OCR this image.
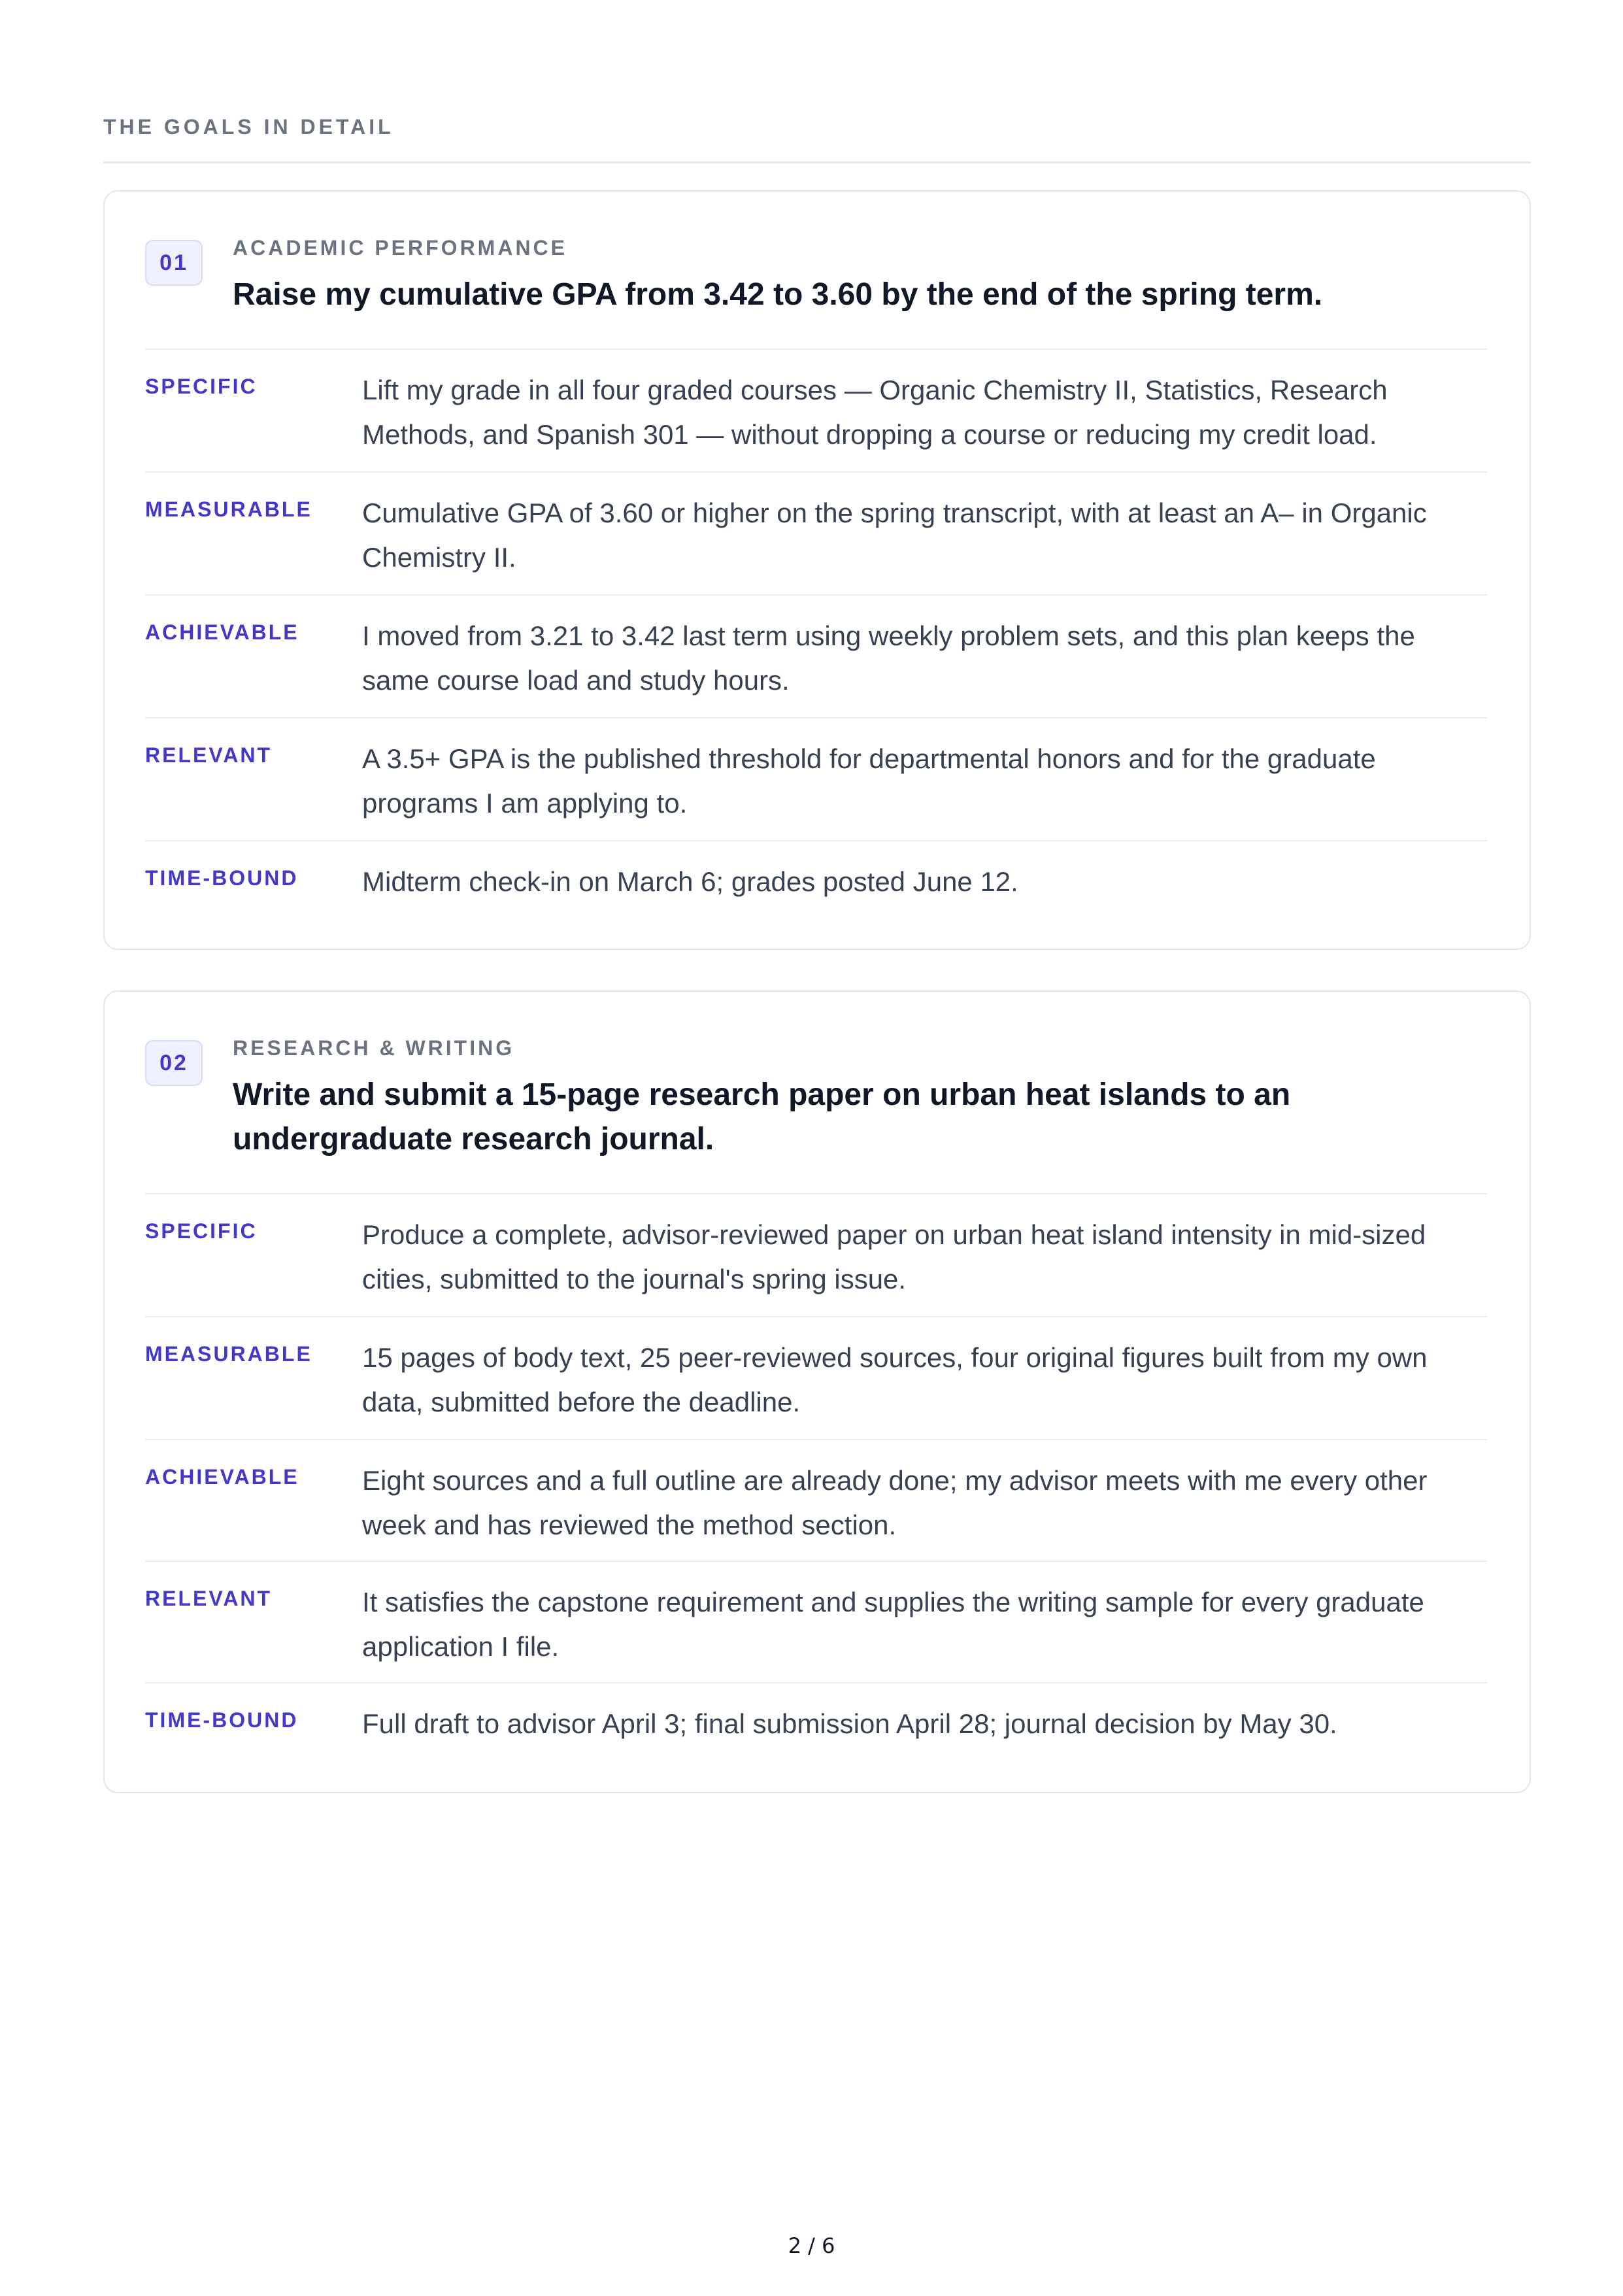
THE GOALS IN DETAIL
01
ACADEMIC PERFORMANCE
Raise my cumulative GPA from 3.42 to 3.60 by the end of the spring term.
SPECIFIC	Lift my grade in all four graded courses — Organic Chemistry II, Statistics, Research Methods, and Spanish 301 — without dropping a course or reducing my credit load.
MEASURABLE Cumulative GPA of 3.60 or higher on the spring transcript, with at least an A– in Organic Chemistry II.
ACHIEVABLE I moved from 3.21 to 3.42 last term using weekly problem sets, and this plan keeps the same course load and study hours.
RELEVANT	A 3.5+ GPA is the published threshold for departmental honors and for the graduate programs I am applying to.
TIME-BOUND Midterm check-in on March 6; grades posted June 12.
02
RESEARCH & WRITING
Write and submit a 15-page research paper on urban heat islands to an undergraduate research journal.
SPECIFIC	Produce a complete, advisor-reviewed paper on urban heat island intensity in mid-sized cities, submitted to the journal's spring issue.
MEASURABLE 15 pages of body text, 25 peer-reviewed sources, four original figures built from my own data, submitted before the deadline.
ACHIEVABLE Eight sources and a full outline are already done; my advisor meets with me every other week and has reviewed the method section.
RELEVANT	It satisfies the capstone requirement and supplies the writing sample for every graduate application I file.
TIME-BOUND Full draft to advisor April 3; final submission April 28; journal decision by May 30.
2 / 6
